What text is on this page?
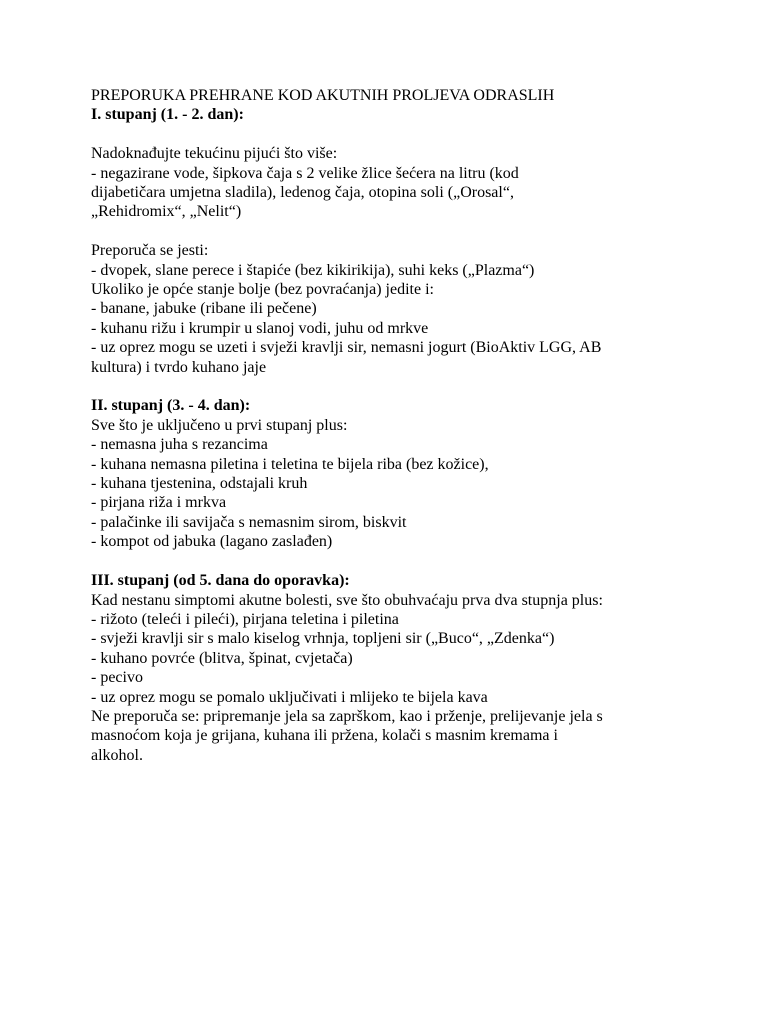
PREPORUKA PREHRANE KOD AKUTNIH PROLJEVA ODRASLIH
I. stupanj (1. - 2. dan):
Nadoknađujte tekućinu pijući što više:
- negazirane vode, šipkova čaja s 2 velike žlice šećera na litru (kod
dijabetičara umjetna sladila), ledenog čaja, otopina soli („Orosal“,
„Rehidromix“, „Nelit“)
Preporuča se jesti:
- dvopek, slane perece i štapiće (bez kikirikija), suhi keks („Plazma“)
Ukoliko je opće stanje bolje (bez povraćanja) jedite i:
- banane, jabuke (ribane ili pečene)
- kuhanu rižu i krumpir u slanoj vodi, juhu od mrkve
- uz oprez mogu se uzeti i svježi kravlji sir, nemasni jogurt (BioAktiv LGG, AB
kultura) i tvrdo kuhano jaje
II. stupanj (3. - 4. dan):
Sve što je uključeno u prvi stupanj plus:
- nemasna juha s rezancima
- kuhana nemasna piletina i teletina te bijela riba (bez kožice),
- kuhana tjestenina, odstajali kruh
- pirjana riža i mrkva
- palačinke ili savijača s nemasnim sirom, biskvit
- kompot od jabuka (lagano zaslađen)
III. stupanj (od 5. dana do oporavka):
Kad nestanu simptomi akutne bolesti, sve što obuhvaćaju prva dva stupnja plus:
- rižoto (teleći i pileći), pirjana teletina i piletina
- svježi kravlji sir s malo kiselog vrhnja, topljeni sir („Buco“, „Zdenka“)
- kuhano povrće (blitva, špinat, cvjetača)
- pecivo
- uz oprez mogu se pomalo uključivati i mlijeko te bijela kava
Ne preporuča se: pripremanje jela sa zaprškom, kao i prženje, prelijevanje jela s
masnoćom koja je grijana, kuhana ili pržena, kolači s masnim kremama i
alkohol.
